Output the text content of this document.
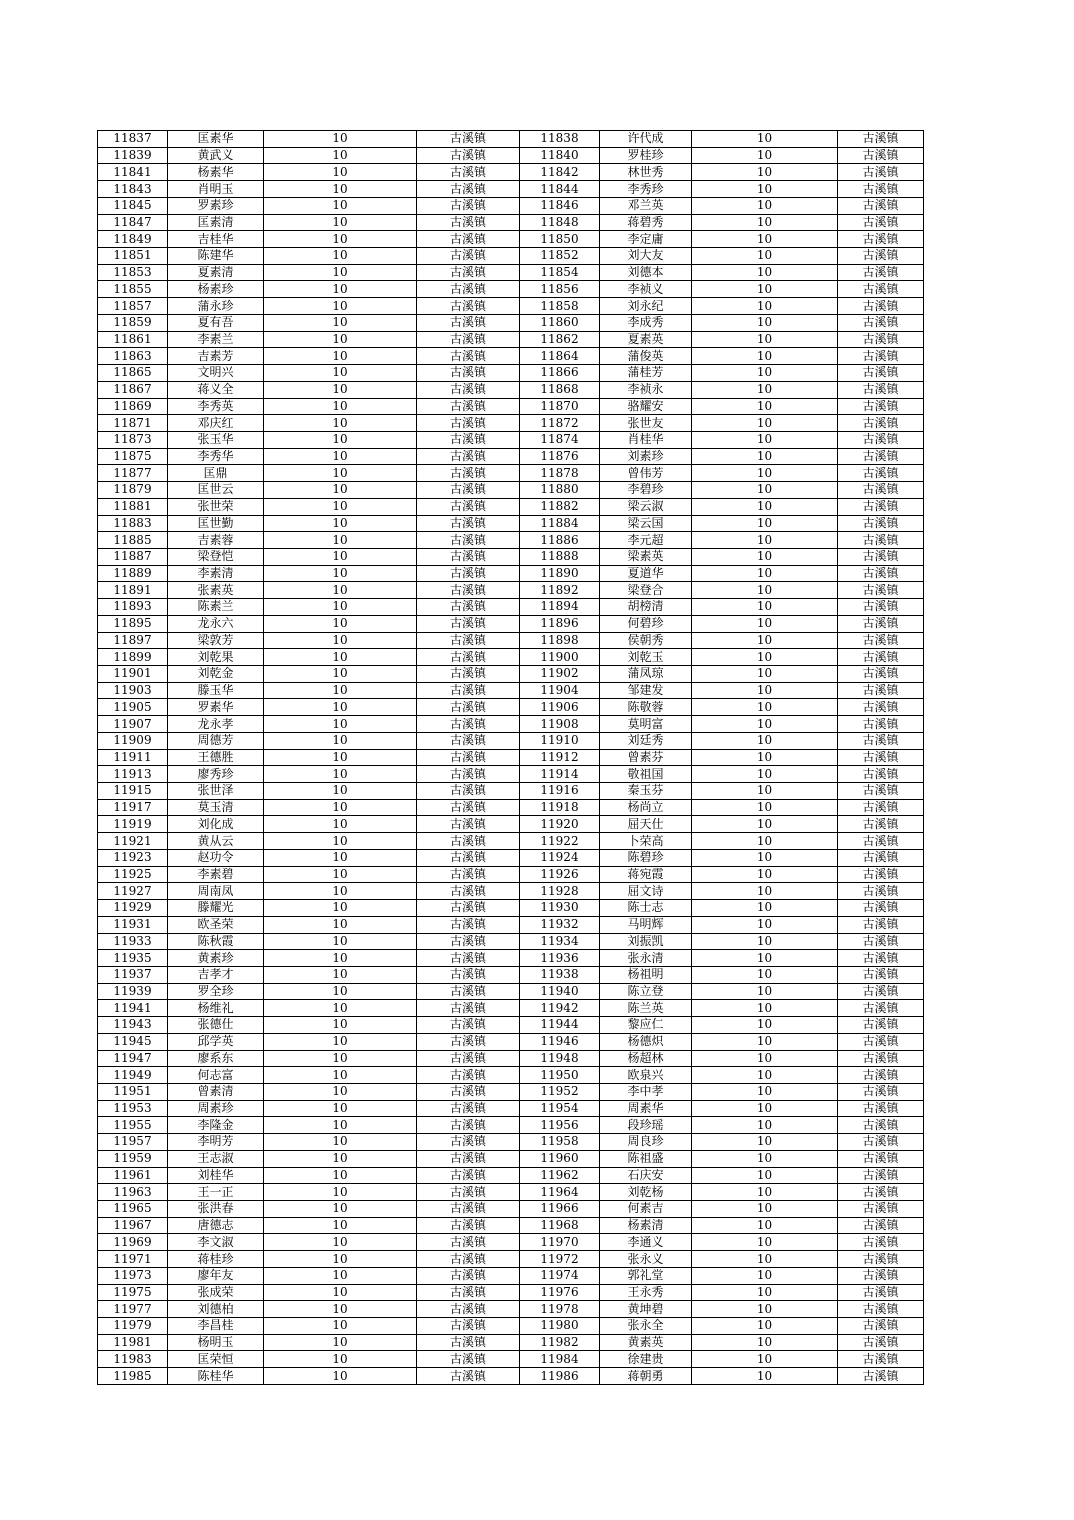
11837	匡素华	10	古溪镇	11838	许代成	10	古溪镇
11839	黄武义	10	古溪镇	11840	罗桂珍	10	古溪镇
11841	杨素华	10	古溪镇	11842	林世秀	10	古溪镇
11843	肖明玉	10	古溪镇	11844	李秀珍	10	古溪镇
11845	罗素珍	10	古溪镇	11846	邓兰英	10	古溪镇
11847	匡素清	10	古溪镇	11848	蒋碧秀	10	古溪镇
11849	吉桂华	10	古溪镇	11850	李定庸	10	古溪镇
11851	陈建华	10	古溪镇	11852	刘大友	10	古溪镇
11853	夏素清	10	古溪镇	11854	刘德本	10	古溪镇
11855	杨素珍	10	古溪镇	11856	李祯义	10	古溪镇
11857	蒲永珍	10	古溪镇	11858	刘永纪	10	古溪镇
11859	夏有吾	10	古溪镇	11860	李成秀	10	古溪镇
11861	李素兰	10	古溪镇	11862	夏素英	10	古溪镇
11863	吉素芳	10	古溪镇	11864	蒲俊英	10	古溪镇
11865	文明兴	10	古溪镇	11866	蒲桂芳	10	古溪镇
11867	蒋义全	10	古溪镇	11868	李祯永	10	古溪镇
11869	李秀英	10	古溪镇	11870	骆耀安	10	古溪镇
11871	邓庆红	10	古溪镇	11872	张世友	10	古溪镇
11873	张玉华	10	古溪镇	11874	肖桂华	10	古溪镇
11875	李秀华	10	古溪镇	11876	刘素珍	10	古溪镇
11877	匡鼎	10	古溪镇	11878	曾伟芳	10	古溪镇
11879	匡世云	10	古溪镇	11880	李碧珍	10	古溪镇
11881	张世荣	10	古溪镇	11882	梁云淑	10	古溪镇
11883	匡世勤	10	古溪镇	11884	梁云国	10	古溪镇
11885	吉素蓉	10	古溪镇	11886	李元超	10	古溪镇
11887	梁登恺	10	古溪镇	11888	梁素英	10	古溪镇
11889	李素清	10	古溪镇	11890	夏道华	10	古溪镇
11891	张素英	10	古溪镇	11892	梁登合	10	古溪镇
11893	陈素兰	10	古溪镇	11894	胡榜清	10	古溪镇
11895	龙永六	10	古溪镇	11896	何碧珍	10	古溪镇
11897	梁敦芳	10	古溪镇	11898	侯朝秀	10	古溪镇
11899	刘乾果	10	古溪镇	11900	刘乾玉	10	古溪镇
11901	刘乾金	10	古溪镇	11902	蒲凤琼	10	古溪镇
11903	滕玉华	10	古溪镇	11904	邹建发	10	古溪镇
11905	罗素华	10	古溪镇	11906	陈敬蓉	10	古溪镇
11907	龙永孝	10	古溪镇	11908	莫明富	10	古溪镇
11909	周德芳	10	古溪镇	11910	刘廷秀	10	古溪镇
11911	王德胜	10	古溪镇	11912	曾素芬	10	古溪镇
11913	廖秀珍	10	古溪镇	11914	敬祖国	10	古溪镇
11915	张世泽	10	古溪镇	11916	秦玉芬	10	古溪镇
11917	莫玉清	10	古溪镇	11918	杨尚立	10	古溪镇
11919	刘化成	10	古溪镇	11920	屈天仕	10	古溪镇
11921	黄从云	10	古溪镇	11922	卜荣高	10	古溪镇
11923	赵功令	10	古溪镇	11924	陈碧珍	10	古溪镇
11925	李素碧	10	古溪镇	11926	蒋宛霞	10	古溪镇
11927	周南凤	10	古溪镇	11928	屈文诗	10	古溪镇
11929	滕耀光	10	古溪镇	11930	陈士志	10	古溪镇
11931	欧圣荣	10	古溪镇	11932	马明辉	10	古溪镇
11933	陈秋霞	10	古溪镇	11934	刘振凯	10	古溪镇
11935	黄素珍	10	古溪镇	11936	张永清	10	古溪镇
11937	吉孝才	10	古溪镇	11938	杨祖明	10	古溪镇
11939	罗全珍	10	古溪镇	11940	陈立登	10	古溪镇
11941	杨维礼	10	古溪镇	11942	陈兰英	10	古溪镇
11943	张德仕	10	古溪镇	11944	黎应仁	10	古溪镇
11945	邱学英	10	古溪镇	11946	杨德炽	10	古溪镇
11947	廖系东	10	古溪镇	11948	杨超林	10	古溪镇
11949	何志富	10	古溪镇	11950	欧泉兴	10	古溪镇
11951	曾素清	10	古溪镇	11952	李中孝	10	古溪镇
11953	周素珍	10	古溪镇	11954	周素华	10	古溪镇
11955	李隆金	10	古溪镇	11956	段珍瑶	10	古溪镇
11957	李明芳	10	古溪镇	11958	周良珍	10	古溪镇
11959	王志淑	10	古溪镇	11960	陈祖盛	10	古溪镇
11961	刘桂华	10	古溪镇	11962	石庆安	10	古溪镇
11963	王一正	10	古溪镇	11964	刘乾杨	10	古溪镇
11965	张洪春	10	古溪镇	11966	何素吉	10	古溪镇
11967	唐德志	10	古溪镇	11968	杨素清	10	古溪镇
11969	李文淑	10	古溪镇	11970	李通义	10	古溪镇
11971	蒋桂珍	10	古溪镇	11972	张永义	10	古溪镇
11973	廖年友	10	古溪镇	11974	郭礼堂	10	古溪镇
11975	张成荣	10	古溪镇	11976	王永秀	10	古溪镇
11977	刘德柏	10	古溪镇	11978	黄坤碧	10	古溪镇
11979	李昌桂	10	古溪镇	11980	张永全	10	古溪镇
11981	杨明玉	10	古溪镇	11982	黄素英	10	古溪镇
11983	匡荣恒	10	古溪镇	11984	徐建贵	10	古溪镇
11985	陈桂华	10	古溪镇	11986	蒋朝勇	10	古溪镇
